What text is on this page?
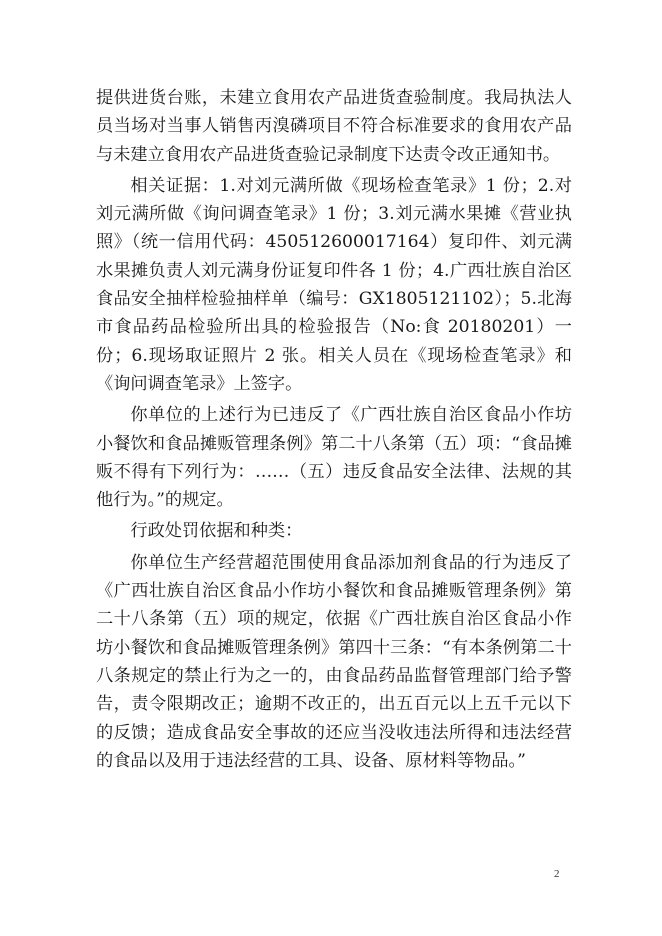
提供进货台账，未建立食用农产品进货查验制度。我局执法人员当场对当事人销售丙溴磷项目不符合标准要求的食用农产品与未建立食用农产品进货查验记录制度下达责令改正通知书。

相关证据：1.对刘元满所做《现场检查笔录》1 份；2.对刘元满所做《询问调查笔录》1 份；3.刘元满水果摊《营业执照》（统一信用代码：450512600017164）复印件、刘元满水果摊负责人刘元满身份证复印件各 1 份；4.广西壮族自治区食品安全抽样检验抽样单（编号：GX1805121102）；5.北海市食品药品检验所出具的检验报告（No:食 20180201）一份；6.现场取证照片 2 张。相关人员在《现场检查笔录》和《询问调查笔录》上签字。

你单位的上述行为已违反了《广西壮族自治区食品小作坊小餐饮和食品摊贩管理条例》第二十八条第（五）项：“食品摊贩不得有下列行为：……（五）违反食品安全法律、法规的其他行为。”的规定。

行政处罚依据和种类：

你单位生产经营超范围使用食品添加剂食品的行为违反了《广西壮族自治区食品小作坊小餐饮和食品摊贩管理条例》第二十八条第（五）项的规定，依据《广西壮族自治区食品小作坊小餐饮和食品摊贩管理条例》第四十三条：“有本条例第二十八条规定的禁止行为之一的，由食品药品监督管理部门给予警告，责令限期改正；逾期不改正的，出五百元以上五千元以下的反馈；造成食品安全事故的还应当没收违法所得和违法经营的食品以及用于违法经营的工具、设备、原材料等物品。”

2
